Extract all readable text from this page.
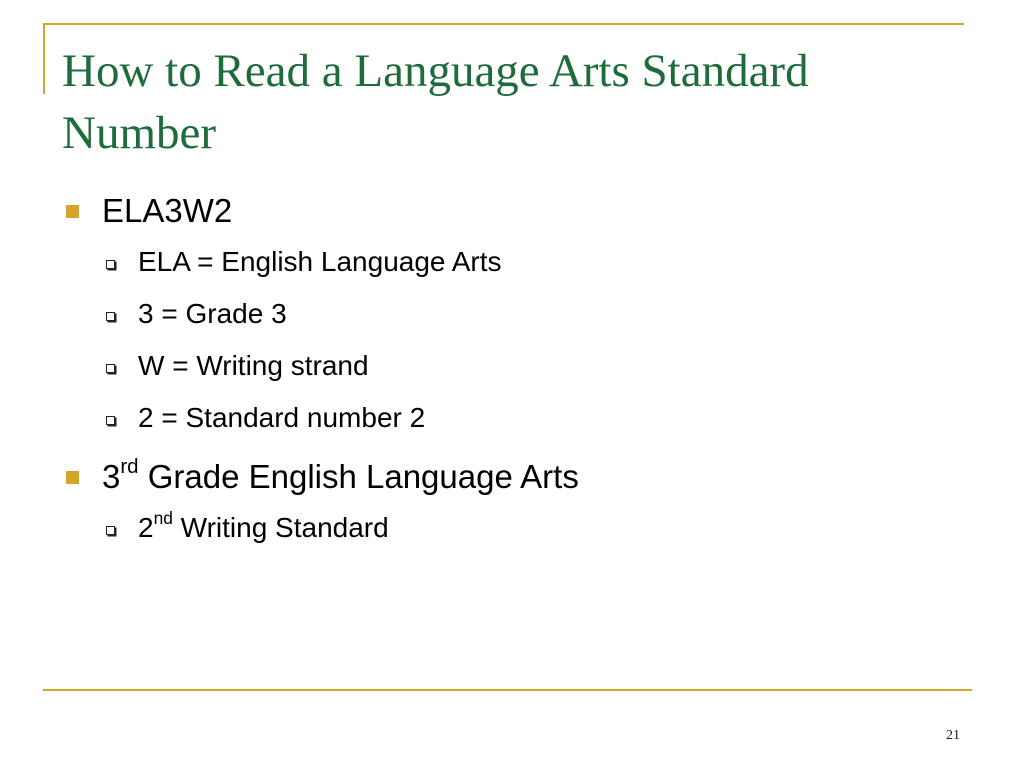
How to Read a Language Arts Standard Number
ELA3W2
ELA = English Language Arts
3 = Grade 3
W = Writing strand
2 = Standard number 2
3rd Grade English Language Arts
2nd Writing Standard
21
